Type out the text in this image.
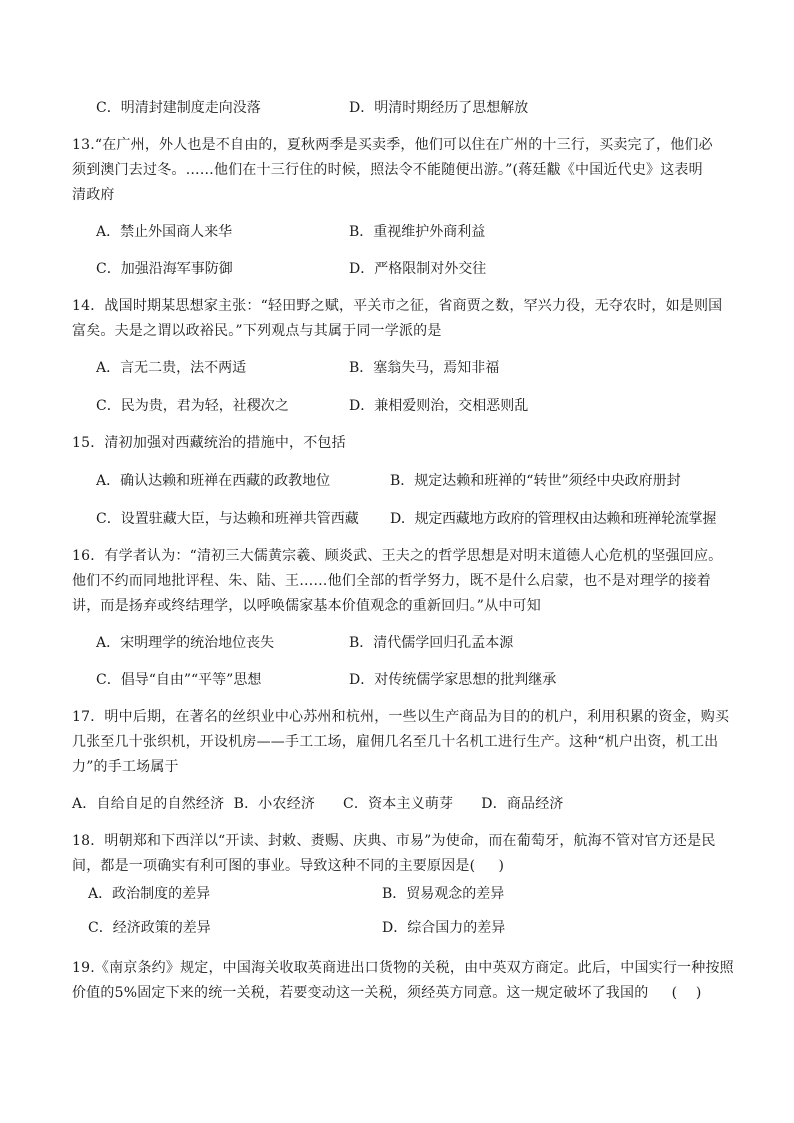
C．明清封建制度走向没落	D．明清时期经历了思想解放
13.“在广州，外人也是不自由的，夏秋两季是买卖季，他们可以住在广州的十三行，买卖完了，他们必
须到澳门去过冬。……他们在十三行住的时候，照法令不能随便出游。”(蒋廷黻《中国近代史》这表明
清政府
A．禁止外国商人来华	B．重视维护外商利益
C．加强沿海军事防御	D．严格限制对外交往
14．战国时期某思想家主张：“轻田野之赋，平关市之征，省商贾之数，罕兴力役，无夺农时，如是则国
富矣。夫是之谓以政裕民。”下列观点与其属于同一学派的是
A．言无二贵，法不两适	B．塞翁失马，焉知非福
C．民为贵，君为轻，社稷次之	D．兼相爱则治，交相恶则乱
15．清初加强对西藏统治的措施中，不包括
A．确认达赖和班禅在西藏的政教地位	B．规定达赖和班禅的“转世”须经中央政府册封
C．设置驻藏大臣，与达赖和班禅共管西藏 D．规定西藏地方政府的管理权由达赖和班禅轮流掌握
16．有学者认为：“清初三大儒黄宗羲、顾炎武、王夫之的哲学思想是对明末道德人心危机的坚强回应。
他们不约而同地批评程、朱、陆、王……他们全部的哲学努力，既不是什么启蒙，也不是对理学的接着
讲，而是扬弃或终结理学，以呼唤儒家基本价值观念的重新回归。”从中可知
A．宋明理学的统治地位丧失	B．清代儒学回归孔孟本源
C．倡导“自由”“平等”思想	D．对传统儒学家思想的批判继承
17．明中后期，在著名的丝织业中心苏州和杭州，一些以生产商品为目的的机户，利用积累的资金，购买
几张至几十张织机，开设机房——手工工场，雇佣几名至几十名机工进行生产。这种“机户出资，机工出
力”的手工场属于
A．自给自足的自然经济  B．小农经济      C．资本主义萌芽      D．商品经济
18．明朝郑和下西洋以“开读、封敕、赉赐、庆典、市易”为使命，而在葡萄牙，航海不管对官方还是民
间，都是一项确实有利可图的事业。导致这种不同的主要原因是(     )
A．政治制度的差异	B．贸易观念的差异
C．经济政策的差异	D．综合国力的差异
19.《南京条约》规定，中国海关收取英商进出口货物的关税，由中英双方商定。此后，中国实行一种按照
价值的5%固定下来的统一关税，若要变动这一关税，须经英方同意。这一规定破坏了我国的     (    )
